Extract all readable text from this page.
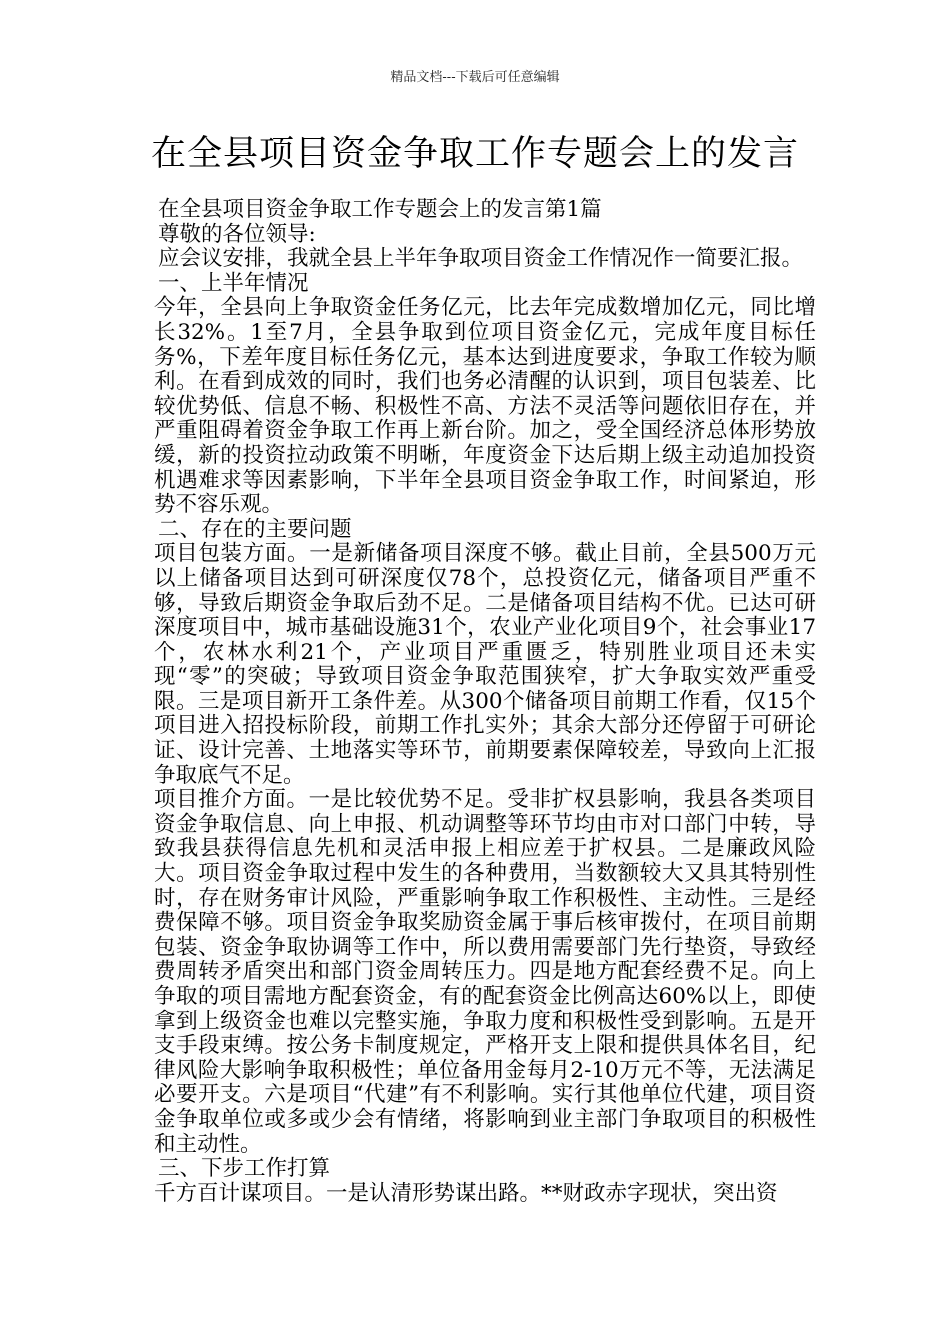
精品文档---下载后可任意编辑
在全县项目资金争取工作专题会上的发言

在全县项目资金争取工作专题会上的发言第1篇

尊敬的各位领导:

应会议安排，我就全县上半年争取项目资金工作情况作一简要汇报。

一、上半年情况

今年，全县向上争取资金任务亿元，比去年完成数增加亿元，同比增长32%。1至7月，全县争取到位项目资金亿元，完成年度目标任务%，下差年度目标任务亿元，基本达到进度要求，争取工作较为顺利。在看到成效的同时，我们也务必清醒的认识到，项目包装差、比较优势低、信息不畅、积极性不高、方法不灵活等问题依旧存在，并严重阻碍着资金争取工作再上新台阶。加之，受全国经济总体形势放缓，新的投资拉动政策不明晰，年度资金下达后期上级主动追加投资机遇难求等因素影响，下半年全县项目资金争取工作，时间紧迫，形势不容乐观。

二、存在的主要问题

项目包装方面。一是新储备项目深度不够。截止目前，全县500万元以上储备项目达到可研深度仅78个，总投资亿元，储备项目严重不够，导致后期资金争取后劲不足。二是储备项目结构不优。已达可研深度项目中，城市基础设施31个，农业产业化项目9个，社会事业17个，农林水利21个，产业项目严重匮乏，特别胜业项目还未实现“零”的突破；导致项目资金争取范围狭窄，扩大争取实效严重受限。三是项目新开工条件差。从300个储备项目前期工作看，仅15个项目进入招投标阶段，前期工作扎实外；其余大部分还停留于可研论证、设计完善、土地落实等环节，前期要素保障较差，导致向上汇报争取底气不足。

项目推介方面。一是比较优势不足。受非扩权县影响，我县各类项目资金争取信息、向上申报、机动调整等环节均由市对口部门中转，导致我县获得信息先机和灵活申报上相应差于扩权县。二是廉政风险大。项目资金争取过程中发生的各种费用，当数额较大又具其特别性时，存在财务审计风险，严重影响争取工作积极性、主动性。三是经费保障不够。项目资金争取奖励资金属于事后核审拨付，在项目前期包装、资金争取协调等工作中，所以费用需要部门先行垫资，导致经费周转矛盾突出和部门资金周转压力。四是地方配套经费不足。向上争取的项目需地方配套资金，有的配套资金比例高达60%以上，即使拿到上级资金也难以完整实施，争取力度和积极性受到影响。五是开支手段束缚。按公务卡制度规定，严格开支上限和提供具体名目，纪律风险大影响争取积极性；单位备用金每月2-10万元不等，无法满足必要开支。六是项目“代建”有不利影响。实行其他单位代建，项目资金争取单位或多或少会有情绪，将影响到业主部门争取项目的积极性和主动性。

三、下步工作打算

千方百计谋项目。一是认清形势谋出路。**财政赤字现状，突出资
